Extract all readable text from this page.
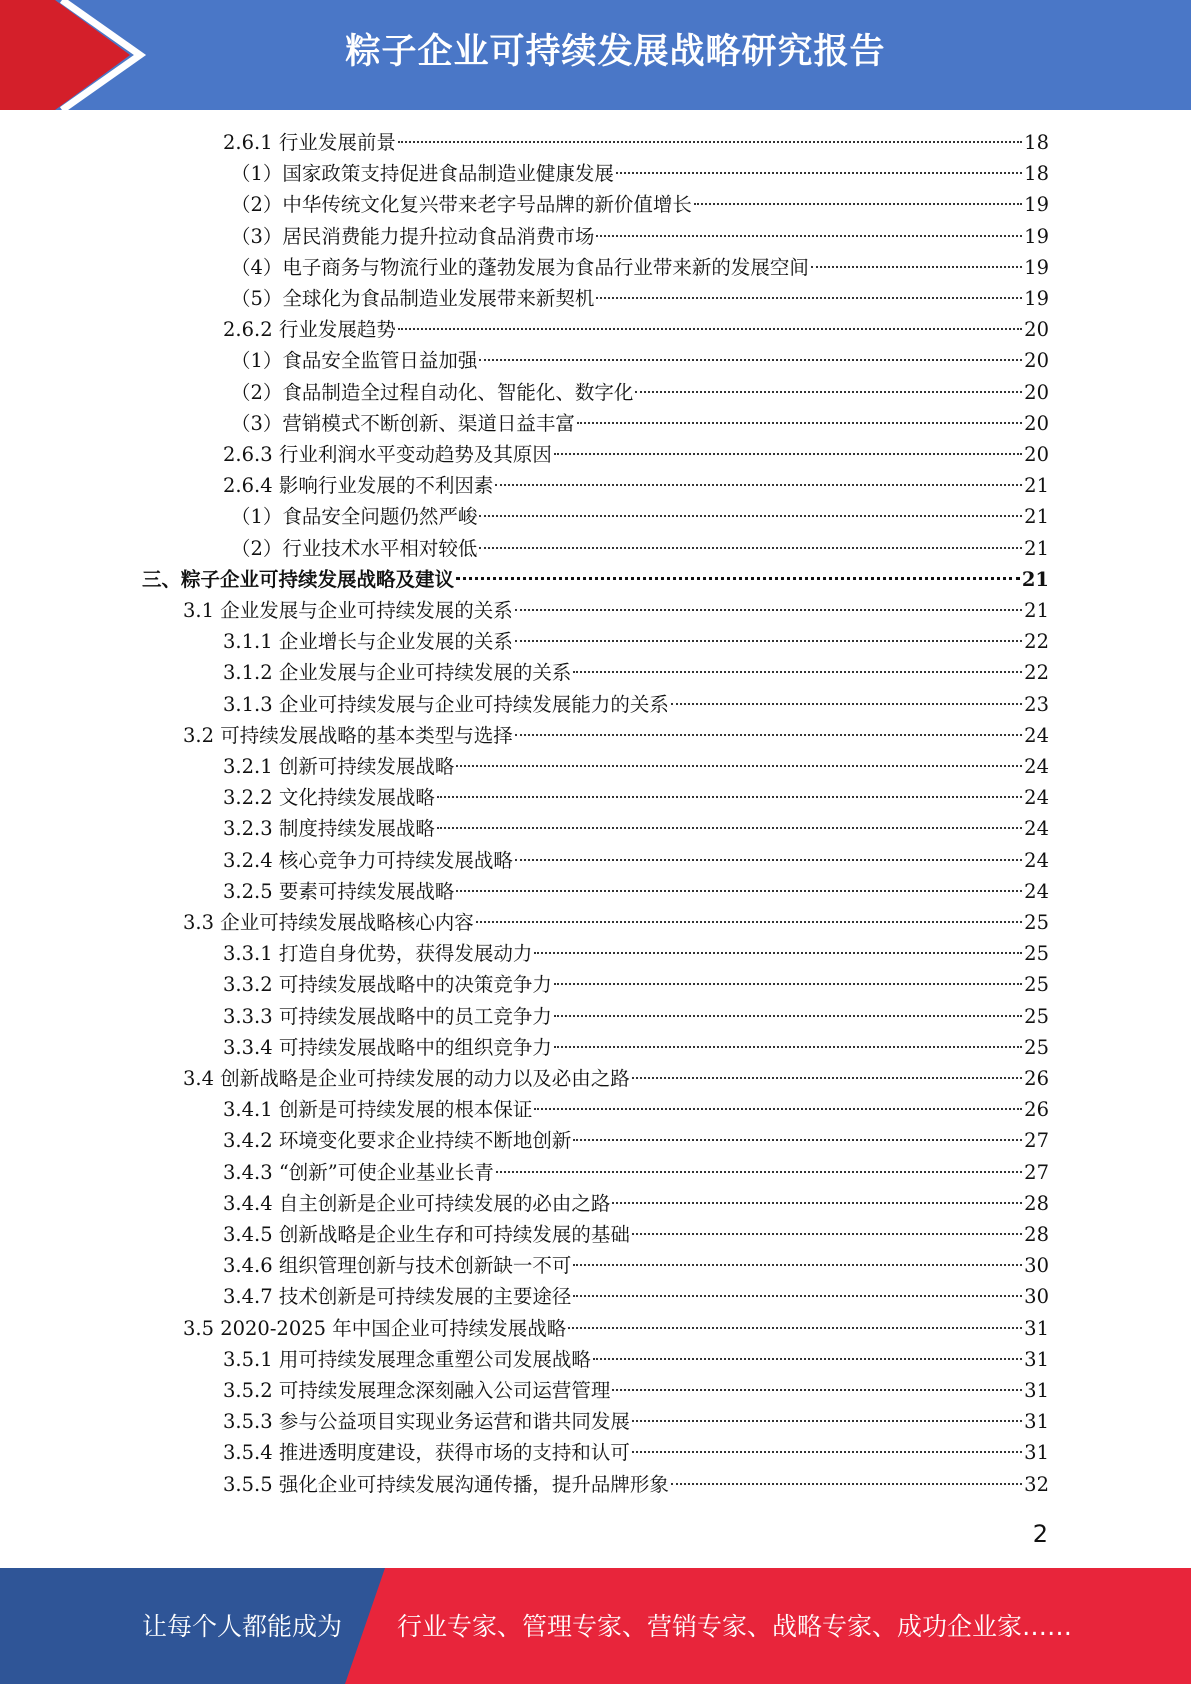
粽子企业可持续发展战略研究报告
2.6.1 行业发展前景	18
（1）国家政策支持促进食品制造业健康发展	18
（2）中华传统文化复兴带来老字号品牌的新价值增长	19
（3）居民消费能力提升拉动食品消费市场	19
（4）电子商务与物流行业的蓬勃发展为食品行业带来新的发展空间	19
（5）全球化为食品制造业发展带来新契机	19
2.6.2 行业发展趋势	20
（1）食品安全监管日益加强	20
（2）食品制造全过程自动化、智能化、数字化	20
（3）营销模式不断创新、渠道日益丰富	20
2.6.3 行业利润水平变动趋势及其原因	20
2.6.4 影响行业发展的不利因素	21
（1）食品安全问题仍然严峻	21
（2）行业技术水平相对较低	21
三、粽子企业可持续发展战略及建议	21
3.1 企业发展与企业可持续发展的关系	21
3.1.1 企业增长与企业发展的关系	22
3.1.2 企业发展与企业可持续发展的关系	22
3.1.3 企业可持续发展与企业可持续发展能力的关系	23
3.2 可持续发展战略的基本类型与选择	24
3.2.1 创新可持续发展战略	24
3.2.2 文化持续发展战略	24
3.2.3 制度持续发展战略	24
3.2.4 核心竞争力可持续发展战略	24
3.2.5 要素可持续发展战略	24
3.3 企业可持续发展战略核心内容	25
3.3.1 打造自身优势，获得发展动力	25
3.3.2 可持续发展战略中的决策竞争力	25
3.3.3 可持续发展战略中的员工竞争力	25
3.3.4 可持续发展战略中的组织竞争力	25
3.4 创新战略是企业可持续发展的动力以及必由之路	26
3.4.1 创新是可持续发展的根本保证	26
3.4.2 环境变化要求企业持续不断地创新	27
3.4.3 “创新”可使企业基业长青	27
3.4.4 自主创新是企业可持续发展的必由之路	28
3.4.5 创新战略是企业生存和可持续发展的基础	28
3.4.6 组织管理创新与技术创新缺一不可	30
3.4.7 技术创新是可持续发展的主要途径	30
3.5 2020-2025 年中国企业可持续发展战略	31
3.5.1 用可持续发展理念重塑公司发展战略	31
3.5.2 可持续发展理念深刻融入公司运营管理	31
3.5.3 参与公益项目实现业务运营和谐共同发展	31
3.5.4 推进透明度建设，获得市场的支持和认可	31
3.5.5 强化企业可持续发展沟通传播，提升品牌形象	32
2
让每个人都能成为 行业专家、管理专家、营销专家、战略专家、成功企业家……
